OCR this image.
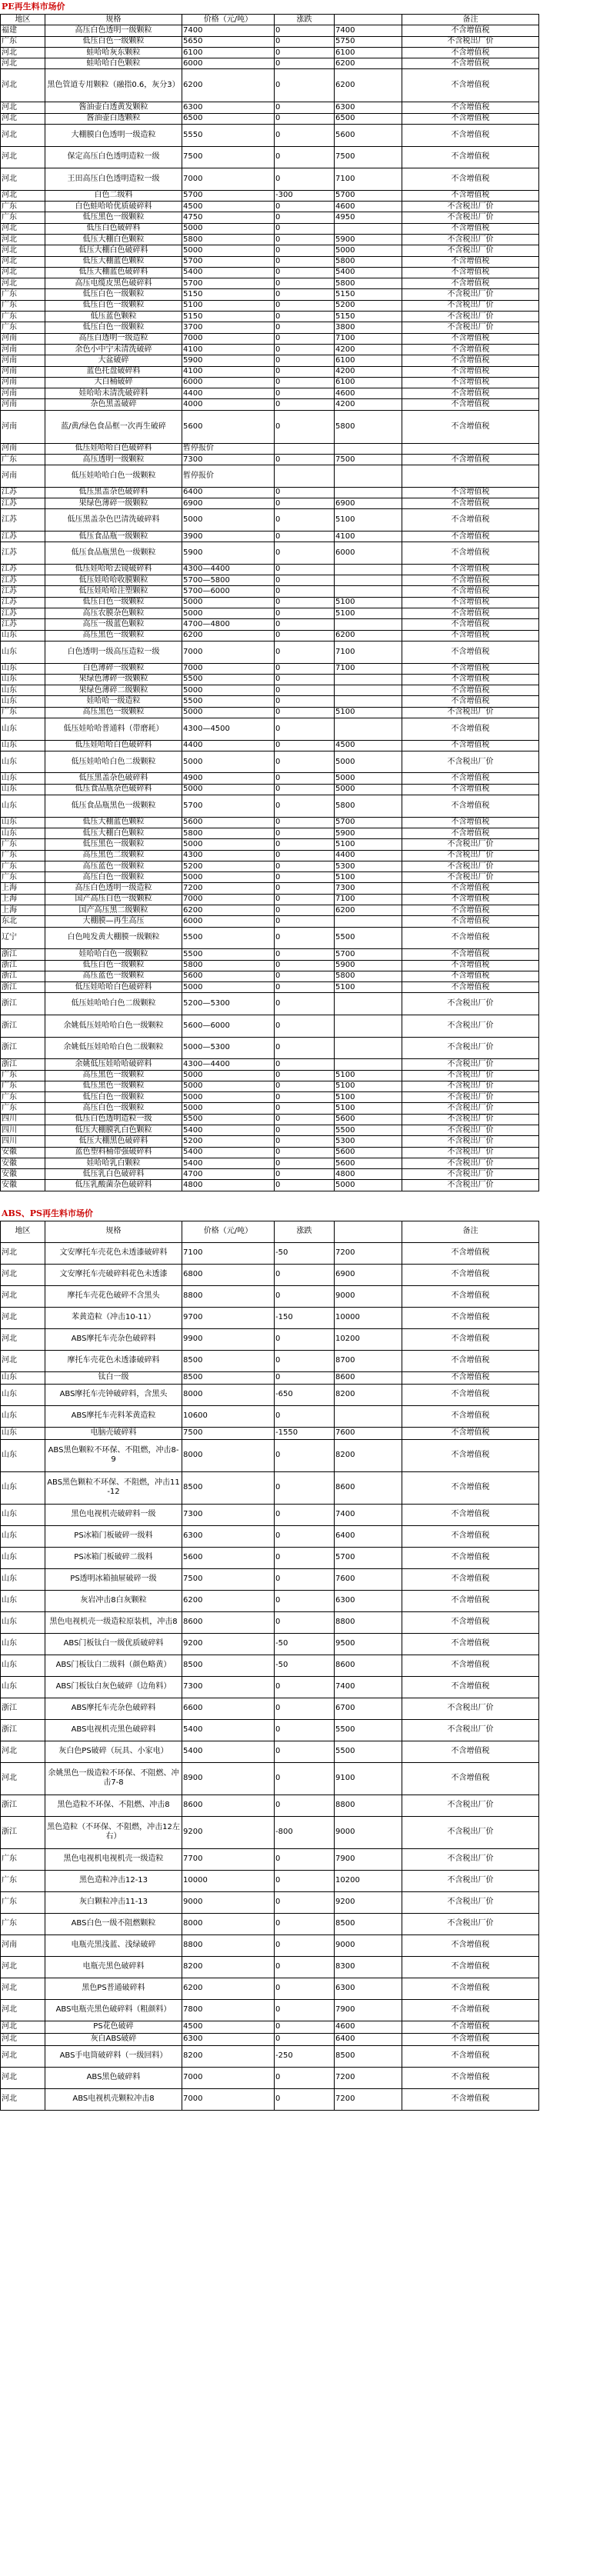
PE再生料市场价
地区	规格	价格（元/吨）	涨跌		备注
福建	高压白色透明一级颗粒	7400	0	7400	不含增值税
广东	低压白色一级颗粒	5650	0	5750	不含税出厂价
河北	蛙哈哈灰东颗粒	6100	0	6100	不含增值税
河北	蛙哈哈白色颗粒	6000	0	6200	不含增值税
河北	黑色管道专用颗粒（融指0.6，灰分3）	6200	0	6200	不含增值税
河北	酱油壶白透黄发颗粒	6300	0	6300	不含增值税
河北	酱油壶白透颗粒	6500	0	6500	不含增值税
河北	大棚膜白色透明一级造粒	5550	0	5600	不含增值税
河北	保定高压白色透明造粒一级	7500	0	7500	不含增值税
河北	王田高压白色透明造粒一级	7000	0	7100	不含增值税
河北	白色二级料	5700	-300	5700	不含增值税
广东	白色蛙哈哈优质破碎料	4500	0	4600	不含税出厂价
广东	低压黑色一级颗粒	4750	0	4950	不含税出厂价
河北	低压白色破碎料	5000	0		不含增值税
河北	低压大棚白色颗粒	5800	0	5900	不含税出厂价
河北	低压大棚白色破碎料	5000	0	5000	不含税出厂价
河北	低压大棚蓝色颗粒	5700	0	5800	不含增值税
河北	低压大棚蓝色破碎料	5400	0	5400	不含增值税
河北	高压电缆皮黑色破碎料	5700	0	5800	不含增值税
广东	低压白色一级颗粒	5150	0	5150	不含税出厂价
广东	低压白色一级颗粒	5100	0	5200	不含税出厂价
广东	低压蓝色颗粒	5150	0	5150	不含税出厂价
广东	低压白色一级颗粒	3700	0	3800	不含税出厂价
河南	高压白透明一级造粒	7000	0	7100	不含增值税
河南	余色小中宁未清洗破碎	4100	0	4200	不含增值税
河南	大盆破碎	5900	0	6100	不含增值税
河南	蓝色托盘破碎料	4100	0	4200	不含增值税
河南	大白桶破碎	6000	0	6100	不含增值税
河南	娃哈哈未清洗破碎料	4400	0	4600	不含增值税
河南	杂色黑盖破碎	4000	0	4200	不含增值税
河南	蓝/黄/绿色食品框一次再生破碎	5600	0	5800	不含增值税
河南	低压娃哈哈白色破碎料	暂停报价			
广东	高压透明一级颗粒	7300	0	7500	不含增值税
河南	低压娃哈哈白色一级颗粒	暂停报价			
江苏	低压黑盖杂色破碎料	6400	0		不含增值税
江苏	果绿色薄碎一级颗粒	6900	0	6900	不含增值税
江苏	低压黑盖杂色巴清洗破碎料	5000	0	5100	不含增值税
江苏	低压食品瓶一级颗粒	3900	0	4100	不含增值税
江苏	低压食品瓶黑色一级颗粒	5900	0	6000	不含增值税
江苏	低压娃哈哈去镜破碎料	4300—4400	0		不含增值税
江苏	低压娃哈哈收膜颗粒	5700—5800	0		不含增值税
江苏	低压娃哈哈注塑颗粒	5700—6000	0		不含增值税
江苏	低压白色一级颗粒	5000	0	5100	不含增值税
江苏	高压农膜杂色颗粒	5000	0	5100	不含增值税
江苏	高压一级蓝色颗粒	4700—4800	0		不含增值税
山东	高压黑色一级颗粒	6200	0	6200	不含增值税
山东	白色透明一级高压造粒一级	7000	0	7100	不含增值税
山东	白色薄碎一级颗粒	7000	0	7100	不含增值税
山东	果绿色薄碎一级颗粒	5500	0		不含增值税
山东	果绿色薄碎二级颗粒	5000	0		不含增值税
山东	娃哈哈一级造粒	5500	0		不含增值税
广东	高压黑色一级颗粒	5000	0	5100	不含税出厂价
山东	低压娃哈哈普通料（带磨耗）	4300—4500	0		不含增值税
山东	低压娃哈哈白色破碎料	4400	0	4500	不含增值税
山东	低压娃哈哈白色二级颗粒	5000	0	5000	不含税出厂价
山东	低压黑盖杂色破碎料	4900	0	5000	不含增值税
山东	低压食品瓶杂色破碎料	5000	0	5000	不含增值税
山东	低压食品瓶黑色一级颗粒	5700	0	5800	不含增值税
山东	低压大棚蓝色颗粒	5600	0	5700	不含增值税
山东	低压大棚白色颗粒	5800	0	5900	不含增值税
广东	低压黑色一级颗粒	5000	0	5100	不含税出厂价
广东	高压黑色二级颗粒	4300	0	4400	不含税出厂价
广东	高压蓝色一级颗粒	5200	0	5300	不含税出厂价
广东	高压白色一级颗粒	5000	0	5100	不含税出厂价
上海	高压白色透明一级造粒	7200	0	7300	不含增值税
上海	国产高压白色一级颗粒	7000	0	7100	不含增值税
上海	国产高压黑二级颗粒	6200	0	6200	不含增值税
东北	大棚膜—再生高压	6000	0		不含增值税
辽宁	白色吨发黄大棚膜一级颗粒	5500	0	5500	不含增值税
浙江	娃哈哈白色一级颗粒	5500	0	5700	不含增值税
浙江	低压白色一级颗粒	5800	0	5900	不含增值税
浙江	高压蓝色一级颗粒	5600	0	5800	不含增值税
浙江	低压娃哈哈白色破碎料	5000	0	5100	不含增值税
浙江	低压娃哈哈白色二级颗粒	5200—5300	0		不含税出厂价
浙江	余姚低压娃哈哈白色一级颗粒	5600—6000	0		不含税出厂价
浙江	余姚低压娃哈哈白色二级颗粒	5000—5300	0		不含税出厂价
浙江	余姚低压娃哈哈破碎料	4300—4400	0		不含税出厂价
广东	高压黑色一级颗粒	5000	0	5100	不含税出厂价
广东	低压黑色一级颗粒	5000	0	5100	不含税出厂价
广东	低压白色一级颗粒	5000	0	5100	不含税出厂价
广东	高压白色一级颗粒	5000	0	5100	不含税出厂价
四川	低压白色透明造粒一级	5500	0	5600	不含税出厂价
四川	低压大棚膜乳白色颗粒	5400	0	5500	不含税出厂价
四川	低压大棚黑色破碎料	5200	0	5300	不含税出厂价
安徽	蓝色塑料桶带强破碎料	5400	0	5600	不含税出厂价
安徽	娃哈哈乳白颗粒	5400	0	5600	不含税出厂价
安徽	低压乳白色破碎料	4700	0	4800	不含税出厂价
安徽	低压乳酸菌杂色破碎料	4800	0	5000	不含税出厂价
ABS、PS再生料市场价
地区	规格	价格（元/吨）	涨跌		备注
河北	文安摩托车壳花色未透漆破碎料	7100	-50	7200	不含增值税
河北	文安摩托车壳破碎料花色未透漆	6800	0	6900	不含增值税
河北	摩托车壳花色破碎不含黑头	8800	0	9000	不含增值税
河北	苯黄造粒（冲击10-11）	9700	-150	10000	不含增值税
河北	ABS摩托车壳杂色破碎料	9900	0	10200	不含增值税
河北	摩托车壳花色未透漆破碎料	8500	0	8700	不含增值税
山东	钛白一级	8500	0	8600	不含增值税
山东	ABS摩托车壳钟破碎料，含黑头	8000	-650	8200	不含增值税
山东	ABS摩托车壳料苯黄造粒	10600	0		不含增值税
山东	电脑壳破碎料	7500	-1550	7600	不含增值税
山东	ABS黑色颗粒不环保、不阻燃，冲击8-9	8000	0	8200	不含增值税
山东	ABS黑色颗粒不环保、不阻燃，冲击11-12	8500	0	8600	不含增值税
山东	黑色电视机壳破碎料一级	7300	0	7400	不含增值税
山东	PS冰箱门板破碎一级料	6300	0	6400	不含增值税
山东	PS冰箱门板破碎二级料	5600	0	5700	不含增值税
山东	PS透明冰箱抽屉破碎一级	7500	0	7600	不含增值税
山东	灰岩冲击8白灰颗粒	6200	0	6300	不含增值税
山东	黑色电视机壳一级造粒原装机，冲击8	8600	0	8800	不含增值税
山东	ABS门板钛白一级优质破碎料	9200	-50	9500	不含增值税
山东	ABS门板钛白二级料（颜色略黄）	8500	-50	8600	不含增值税
山东	ABS门板钛白灰色破碎（边角料）	7300	0	7400	不含增值税
浙江	ABS摩托车壳杂色破碎料	6600	0	6700	不含税出厂价
浙江	ABS电视机壳黑色破碎料	5400	0	5500	不含税出厂价
河北	灰白色PS破碎（玩具、小家电）	5400	0	5500	不含增值税
河北	余姚黑色一级造粒不环保、不阻燃、冲击7-8	8900	0	9100	不含增值税
浙江	黑色造粒不环保、不阻燃、冲击8	8600	0	8800	不含税出厂价
浙江	黑色造粒（不环保、不阻燃，冲击12左右）	9200	-800	9000	不含税出厂价
广东	黑色电视机电视机壳一级造粒	7700	0	7900	不含税出厂价
广东	黑色造粒冲击12-13	10000	0	10200	不含税出厂价
广东	灰白颗粒冲击11-13	9000	0	9200	不含税出厂价
广东	ABS白色一级不阻燃颗粒	8000	0	8500	不含税出厂价
河南	电瓶壳黑浅蓝、浅绿破碎	8800	0	9000	不含增值税
河北	电瓶壳黑色破碎料	8200	0	8300	不含增值税
河北	黑色PS普通破碎料	6200	0	6300	不含增值税
河北	ABS电瓶壳黑色破碎料（粗颜料）	7800	0	7900	不含增值税
河北	PS花色破碎	4500	0	4600	不含增值税
河北	灰白ABS破碎	6300	0	6400	不含增值税
河北	ABS手电筒破碎料（一级回料）	8200	-250	8500	不含增值税
河北	ABS黑色破碎料	7000	0	7200	不含增值税
河北	ABS电视机壳颗粒冲击8	7000	0	7200	不含增值税
